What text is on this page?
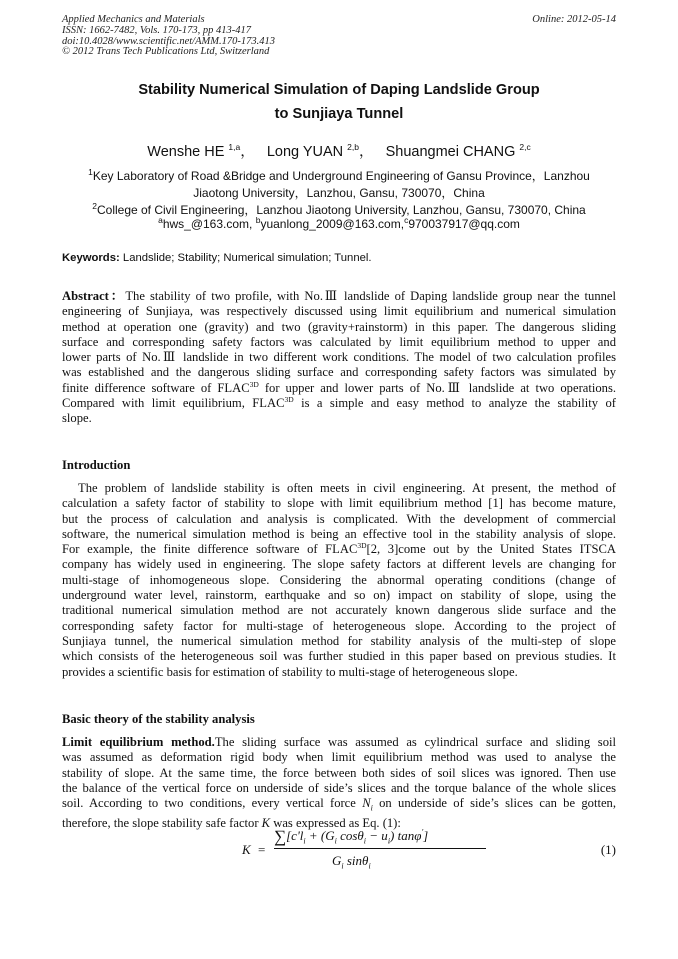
Applied Mechanics and Materials
ISSN: 1662-7482, Vols. 170-173, pp 413-417
doi:10.4028/www.scientific.net/AMM.170-173.413
© 2012 Trans Tech Publications Ltd, Switzerland
Online: 2012-05-14
Stability Numerical Simulation of Daping Landslide Group
to Sunjiaya Tunnel
Wenshe HE $^{1,a}$，   Long YUAN $^{2,b}$，   Shuangmei CHANG $^{2,c}$
$^1$Key Laboratory of Road &Bridge and Underground Engineering of Gansu Province，Lanzhou
Jiaotong University，Lanzhou, Gansu, 730070，China
$^2$College of Civil Engineering，Lanzhou Jiaotong University, Lanzhou, Gansu, 730070, China
$^a$hws_@163.com, $^b$yuanlong_2009@163.com,$^c$970037917@qq.com
Keywords: Landslide; Stability; Numerical simulation; Tunnel.
Abstract：The stability of two profile, with No.Ⅲ landslide of Daping landslide group near the tunnel
engineering of Sunjiaya, was respectively discussed using limit equilibrium and numerical simulation
method at operation one (gravity) and two (gravity+rainstorm) in this paper. The dangerous sliding
surface and corresponding safety factors was calculated by limit equilibrium method to upper and
lower parts of No.Ⅲ landslide in two different work conditions. The model of two calculation profiles
was established and the dangerous sliding surface and corresponding safety factors was simulated by
finite difference software of $FLAC^{3D}$ for upper and lower parts of No.Ⅲ landslide at two operations.
Compared with limit equilibrium, $FLAC^{3D}$ is a simple and easy method to analyze the stability of
slope.
Introduction
The problem of landslide stability is often meets in civil engineering. At present, the method of
calculation a safety factor of stability to slope with limit equilibrium method [1] has become mature,
but the process of calculation and analysis is complicated. With the development of commercial
software, the numerical simulation method is being an effective tool in the stability analysis of slope.
For example, the finite difference software of $FLAC^{3D}[2$, 3]come out by the United States ITSCA
company has widely used in engineering. The slope safety factors at different levels are changing for
multi-stage of inhomogeneous slope. Considering the abnormal operating conditions (change of
underground water level, rainstorm, earthquake and so on) impact on stability of slope, using the
traditional numerical simulation method are not accurately known dangerous slide surface and the
corresponding safety factor for multi-stage of heterogeneous slope. According to the project of
Sunjiaya tunnel, the numerical simulation method for stability analysis of the multi-step of slope
which consists of the heterogeneous soil was further studied in this paper based on previous studies. It
provides a scientific basis for estimation of stability to multi-stage of heterogeneous slope.
Basic theory of the stability analysis
Limit equilibrium method.The sliding surface was assumed as cylindrical surface and sliding soil
was assumed as deformation rigid body when limit equilibrium method was used to analyse the
stability of slope. At the same time, the force between both sides of soil slices was ignored. Then use
the balance of the vertical force on underside of side’s slices and the torque balance of the whole slices
soil. According to two conditions, every vertical force $N_i$ on underside of side’s slices can be gotten,
therefore, the slope stability safe factor K was expressed as Eq. (1):
K =
$\sum[c'l_i + (G_i$ $\cos\theta_i - u_i$) tanφ']
$G_i$ sinθ$_i$
(1)
